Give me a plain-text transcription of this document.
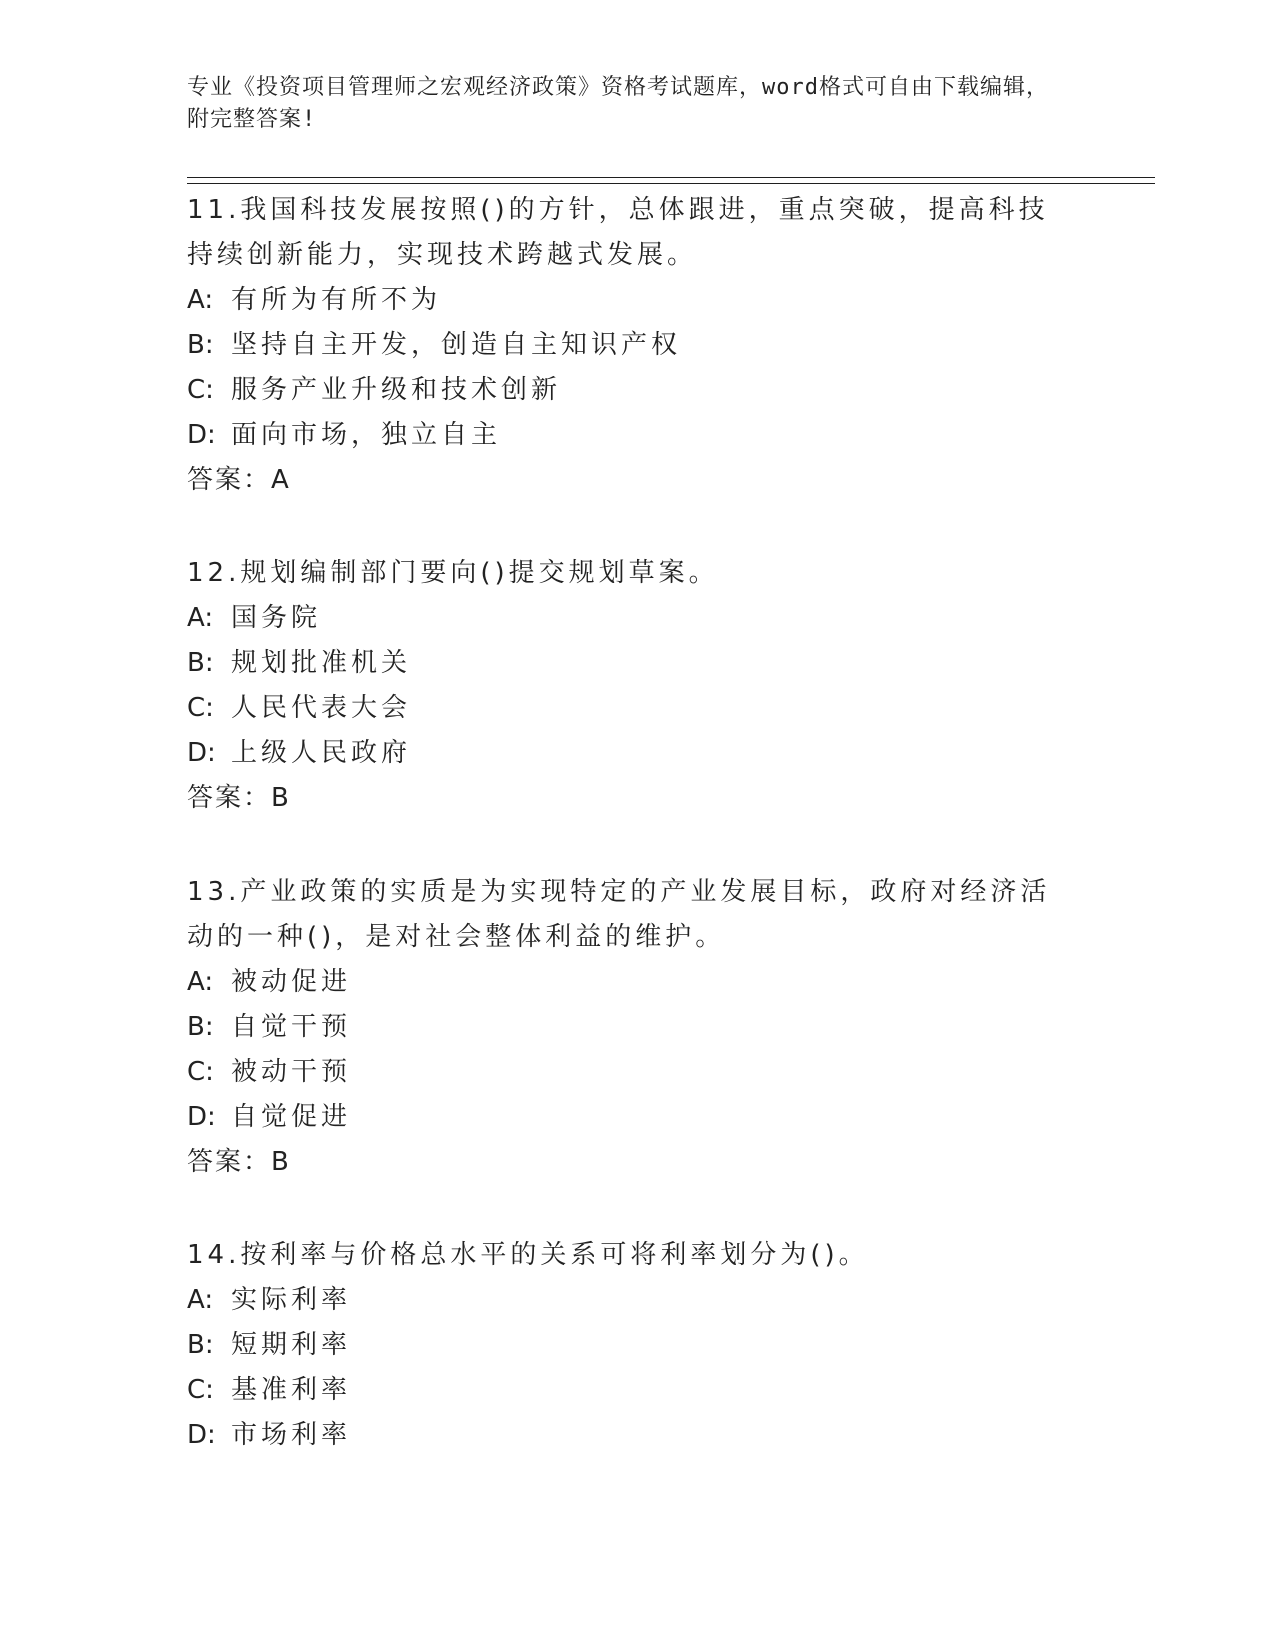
专业《投资项目管理师之宏观经济政策》资格考试题库，word格式可自由下载编辑，附完整答案!

11.我国科技发展按照()的方针，总体跟进，重点突破，提高科技持续创新能力，实现技术跨越式发展。

A: 有所为有所不为
B: 坚持自主开发，创造自主知识产权
C: 服务产业升级和技术创新
D: 面向市场，独立自主
答案：A

12.规划编制部门要向()提交规划草案。

A: 国务院
B: 规划批准机关
C: 人民代表大会
D: 上级人民政府
答案：B

13.产业政策的实质是为实现特定的产业发展目标，政府对经济活动的一种()，是对社会整体利益的维护。

A: 被动促进
B: 自觉干预
C: 被动干预
D: 自觉促进
答案：B

14.按利率与价格总水平的关系可将利率划分为()。

A: 实际利率
B: 短期利率
C: 基准利率
D: 市场利率
